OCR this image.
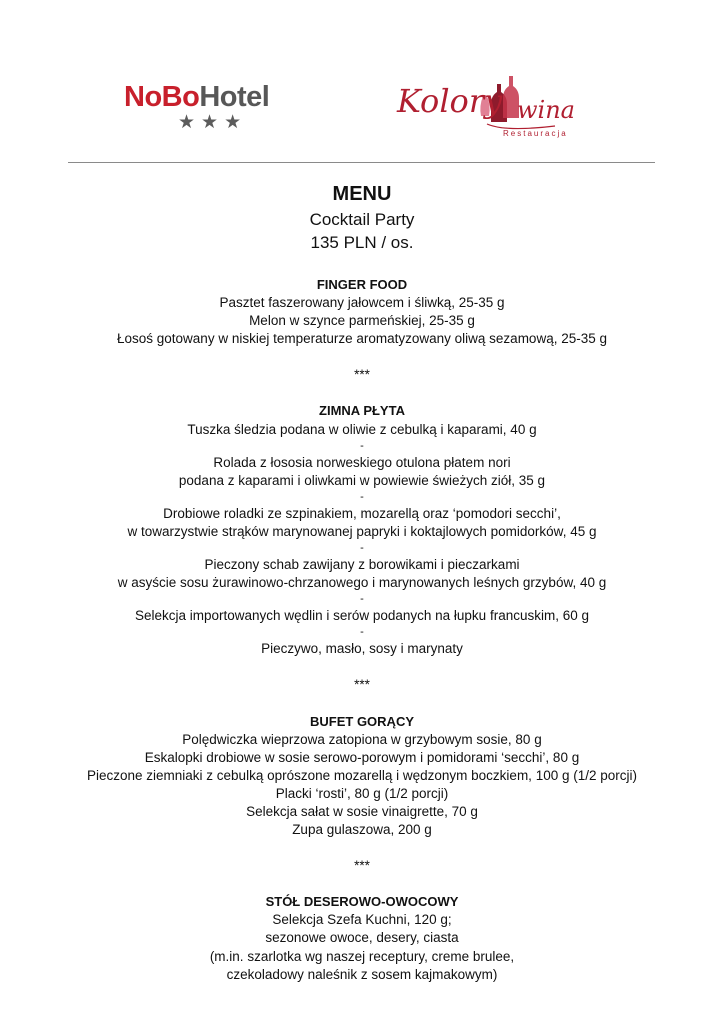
NoBoHotel
★★★
Kolory wina
Restauracja
MENU
Cocktail Party
135 PLN / os.
FINGER FOOD
Pasztet faszerowany jałowcem i śliwką, 25-35 g
Melon w szynce parmeńskiej, 25-35 g
Łosoś gotowany w niskiej temperaturze aromatyzowany oliwą sezamową, 25-35 g
***
ZIMNA PŁYTA
Tuszka śledzia podana w oliwie z cebulką i kaparami, 40 g
-
Rolada z łososia norweskiego otulona płatem nori
podana z kaparami i oliwkami w powiewie świeżych ziół, 35 g
-
Drobiowe roladki ze szpinakiem, mozarellą oraz ‘pomodori secchi’,
w towarzystwie strąków marynowanej papryki i koktajlowych pomidorków, 45 g
-
Pieczony schab zawijany z borowikami i pieczarkami
w asyście sosu żurawinowo-chrzanowego i marynowanych leśnych grzybów, 40 g
-
Selekcja importowanych wędlin i serów podanych na łupku francuskim, 60 g
-
Pieczywo, masło, sosy i marynaty
***
BUFET GORĄCY
Polędwiczka wieprzowa zatopiona w grzybowym sosie, 80 g
Eskalopki drobiowe w sosie serowo-porowym i pomidorami ‘secchi’, 80 g
Pieczone ziemniaki z cebulką oprószone mozarellą i wędzonym boczkiem, 100 g (1/2 porcji)
Placki ‘rosti’, 80 g (1/2 porcji)
Selekcja sałat w sosie vinaigrette, 70 g
Zupa gulaszowa, 200 g
***
STÓŁ DESEROWO-OWOCOWY
Selekcja Szefa Kuchni, 120 g;
sezonowe owoce, desery, ciasta
(m.in. szarlotka wg naszej receptury, creme brulee,
czekoladowy naleśnik z sosem kajmakowym)
